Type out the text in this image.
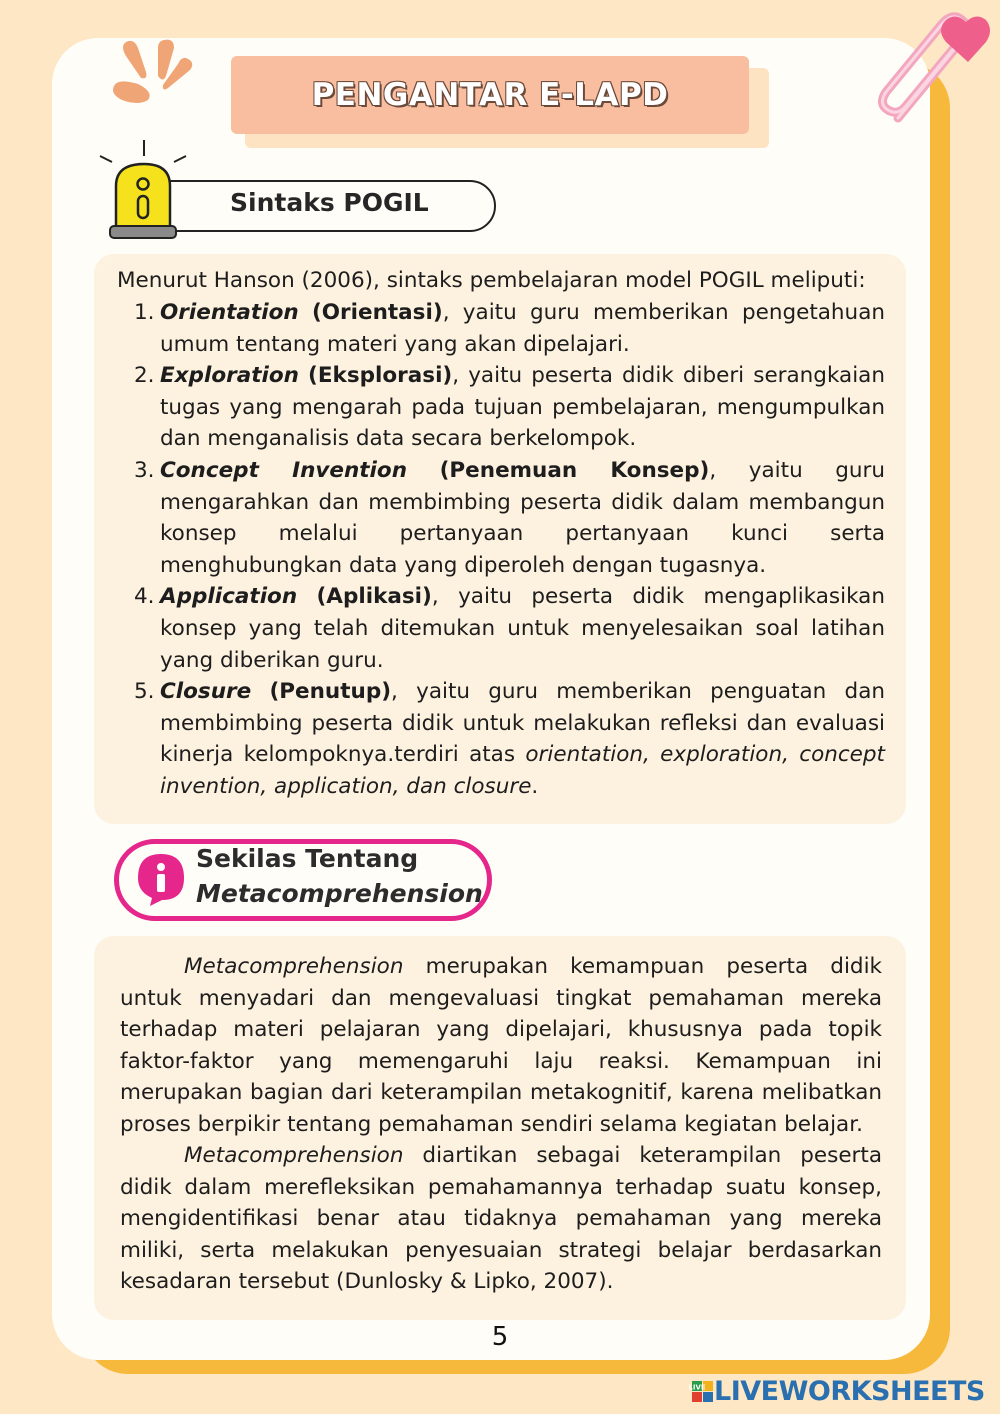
PENGANTAR E-LAPD
Sintaks POGIL
Menurut Hanson (2006), sintaks pembelajaran model POGIL meliputi:
1. Orientation (Orientasi), yaitu guru memberikan pengetahuan umum tentang materi yang akan dipelajari.
2. Exploration (Eksplorasi), yaitu peserta didik diberi serangkaian tugas yang mengarah pada tujuan pembelajaran, mengumpulkan dan menganalisis data secara berkelompok.
3. Concept Invention (Penemuan Konsep), yaitu guru mengarahkan dan membimbing peserta didik dalam membangun konsep melalui pertanyaan pertanyaan kunci serta menghubungkan data yang diperoleh dengan tugasnya.
4. Application (Aplikasi), yaitu peserta didik mengaplikasikan konsep yang telah ditemukan untuk menyelesaikan soal latihan yang diberikan guru.
5. Closure (Penutup), yaitu guru memberikan penguatan dan membimbing peserta didik untuk melakukan refleksi dan evaluasi kinerja kelompoknya.terdiri atas orientation, exploration, concept invention, application, dan closure.
Sekilas Tentang
Metacomprehension

Metacomprehension merupakan kemampuan peserta didik untuk menyadari dan mengevaluasi tingkat pemahaman mereka terhadap materi pelajaran yang dipelajari, khususnya pada topik faktor-faktor yang memengaruhi laju reaksi. Kemampuan ini merupakan bagian dari keterampilan metakognitif, karena melibatkan proses berpikir tentang pemahaman sendiri selama kegiatan belajar.

Metacomprehension diartikan sebagai keterampilan peserta didik dalam merefleksikan pemahamannya terhadap suatu konsep, mengidentifikasi benar atau tidaknya pemahaman yang mereka miliki, serta melakukan penyesuaian strategi belajar berdasarkan kesadaran tersebut (Dunlosky & Lipko, 2007).

5
LIVE LIVEWORKSHEETS
